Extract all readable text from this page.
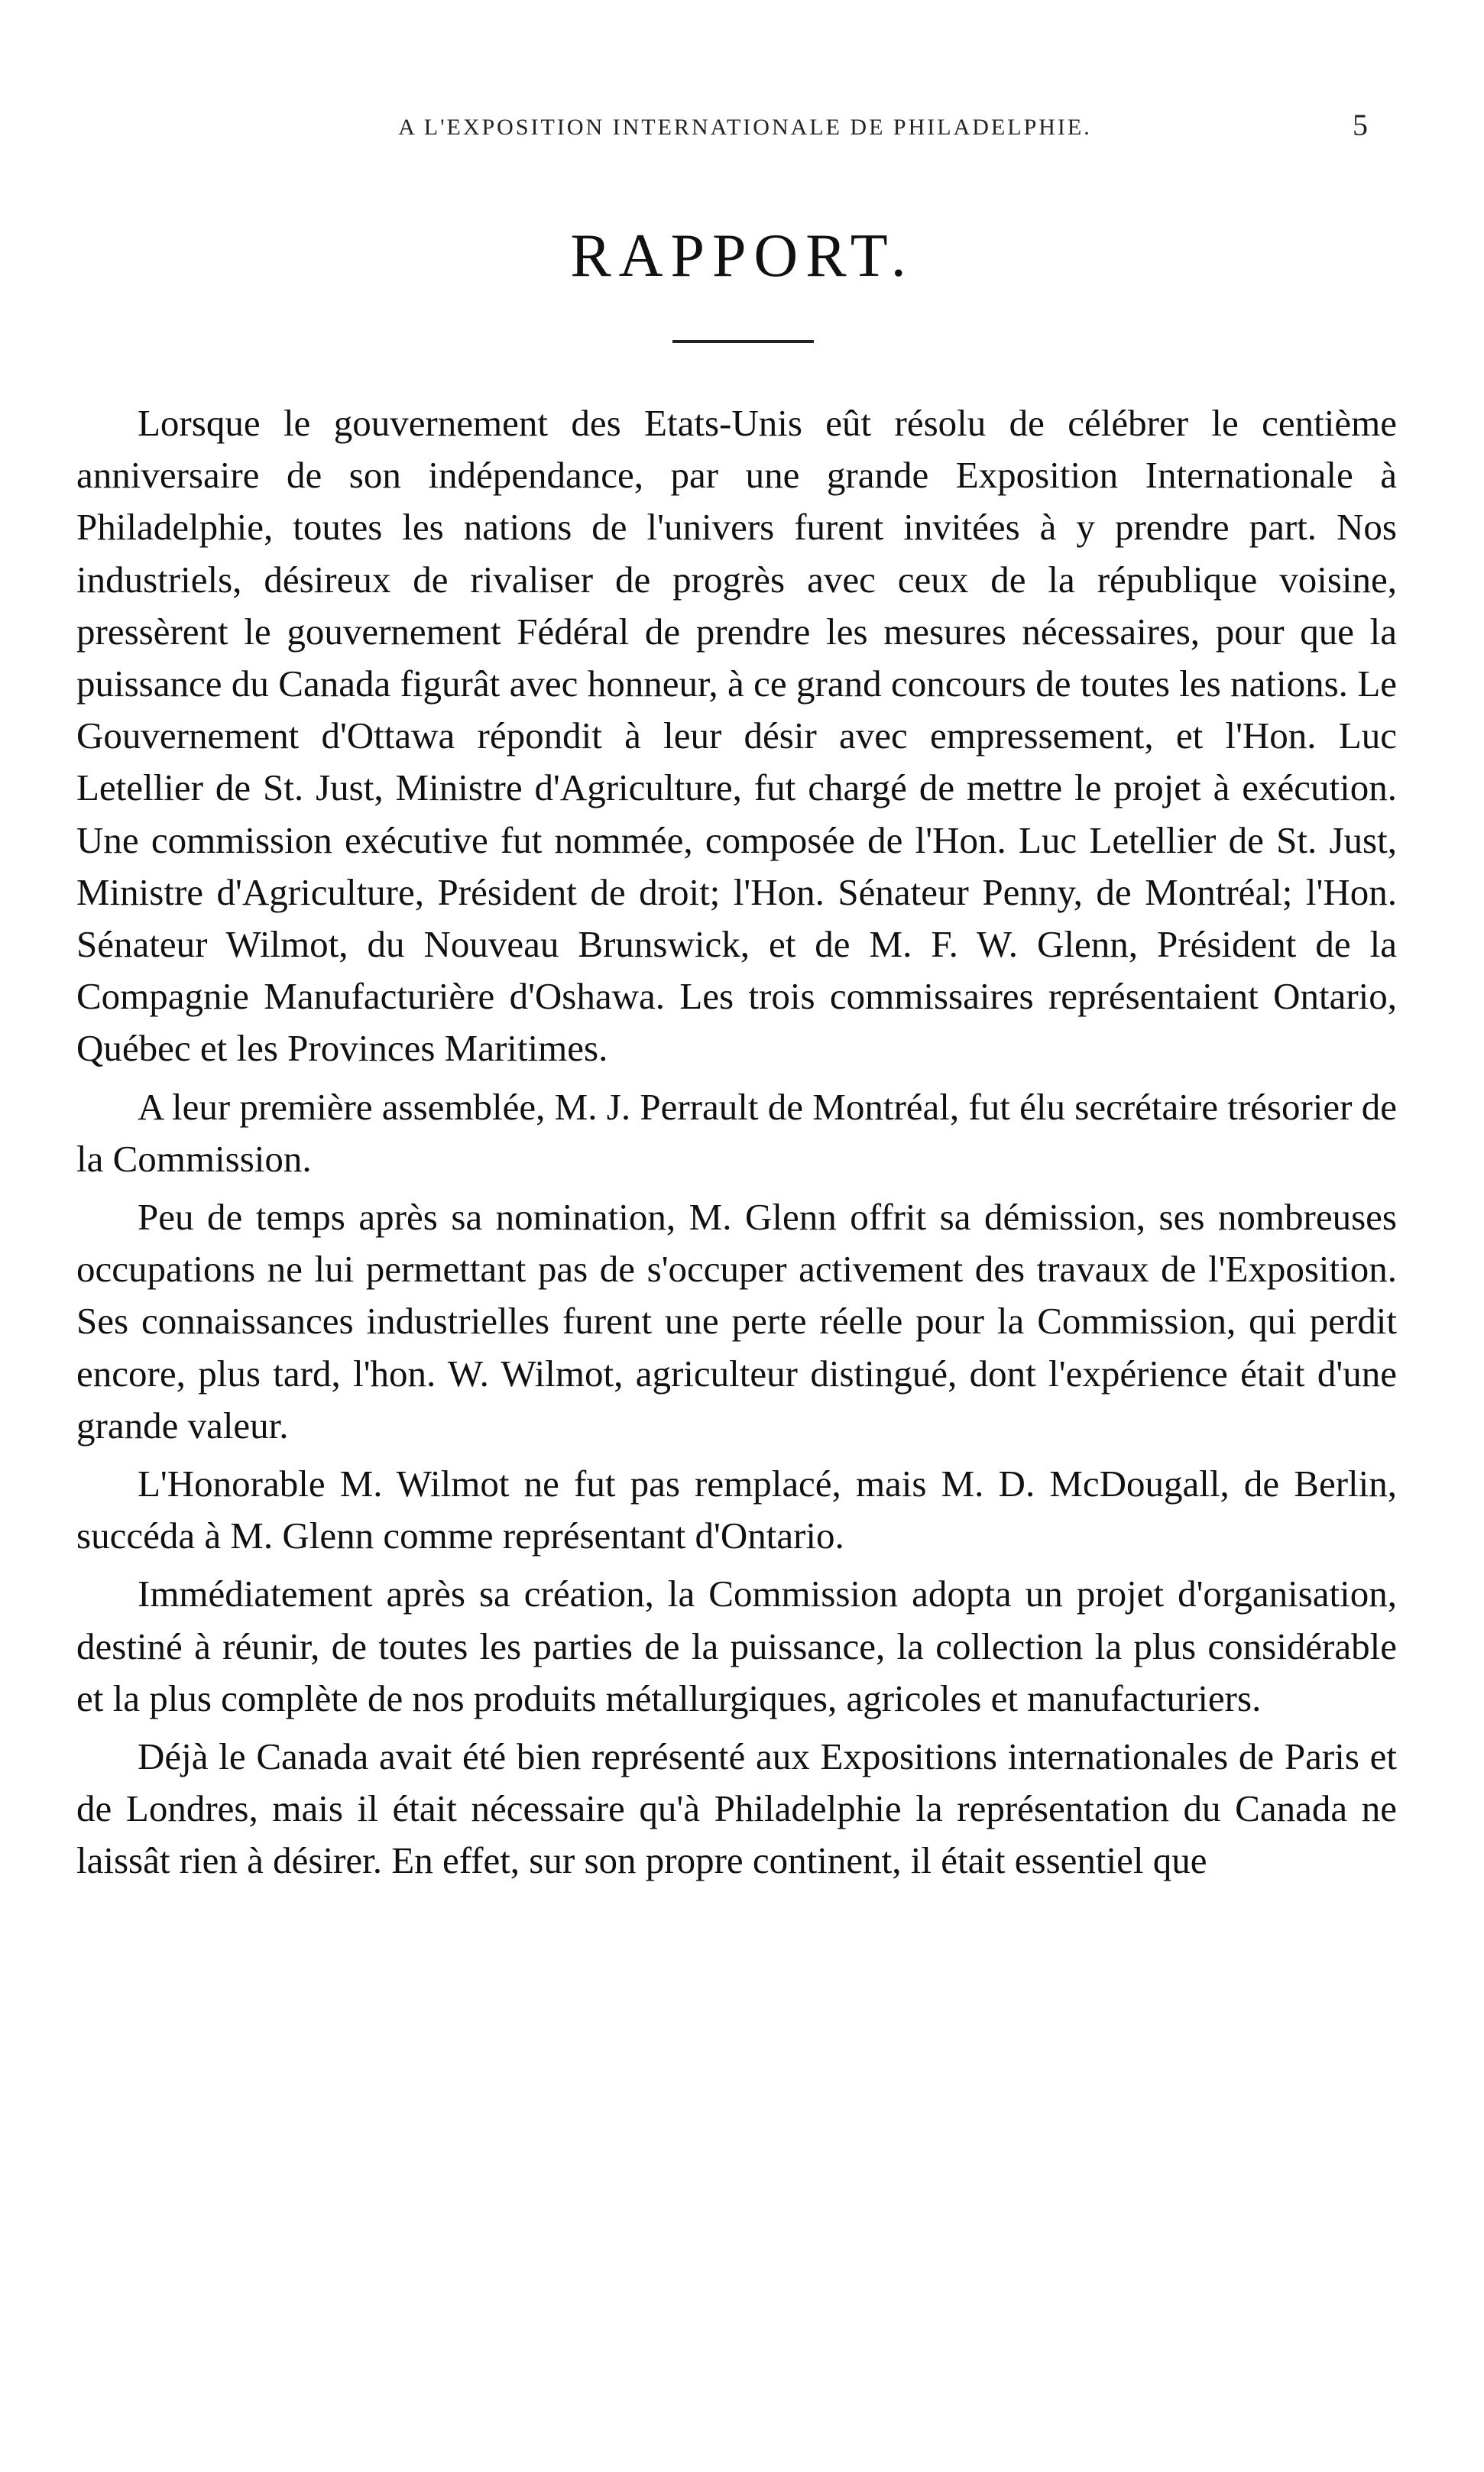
A L'EXPOSITION INTERNATIONALE DE PHILADELPHIE.	5
RAPPORT.

Lorsque le gouvernement des Etats-Unis eût résolu de célébrer le centième anniversaire de son indépendance, par une grande Exposition Internationale à Philadelphie, toutes les nations de l'univers furent invitées à y prendre part. Nos industriels, désireux de rivaliser de progrès avec ceux de la république voisine, pressèrent le gouvernement Fédéral de prendre les mesures nécessaires, pour que la puissance du Canada figurât avec honneur, à ce grand concours de toutes les nations. Le Gouvernement d'Ottawa répondit à leur désir avec empressement, et l'Hon. Luc Letellier de St. Just, Ministre d'Agriculture, fut chargé de mettre le projet à exécution. Une commission exécutive fut nommée, composée de l'Hon. Luc Letellier de St. Just, Ministre d'Agriculture, Président de droit; l'Hon. Sénateur Penny, de Montréal; l'Hon. Sénateur Wilmot, du Nouveau Brunswick, et de M. F. W. Glenn, Président de la Compagnie Manufacturière d'Oshawa. Les trois commissaires représentaient Ontario, Québec et les Provinces Maritimes.

A leur première assemblée, M. J. Perrault de Montréal, fut élu secrétaire trésorier de la Commission.

Peu de temps après sa nomination, M. Glenn offrit sa démission, ses nombreuses occupations ne lui permettant pas de s'occuper activement des travaux de l'Exposition. Ses connaissances industrielles furent une perte réelle pour la Commission, qui perdit encore, plus tard, l'hon. W. Wilmot, agriculteur distingué, dont l'expérience était d'une grande valeur.

L'Honorable M. Wilmot ne fut pas remplacé, mais M. D. McDougall, de Berlin, succéda à M. Glenn comme représentant d'Ontario.

Immédiatement après sa création, la Commission adopta un projet d'organisation, destiné à réunir, de toutes les parties de la puissance, la collection la plus considérable et la plus complète de nos produits métallurgiques, agricoles et manufacturiers.

Déjà le Canada avait été bien représenté aux Expositions internationales de Paris et de Londres, mais il était nécessaire qu'à Philadelphie la représentation du Canada ne laissât rien à désirer. En effet, sur son propre continent, il était essentiel que
